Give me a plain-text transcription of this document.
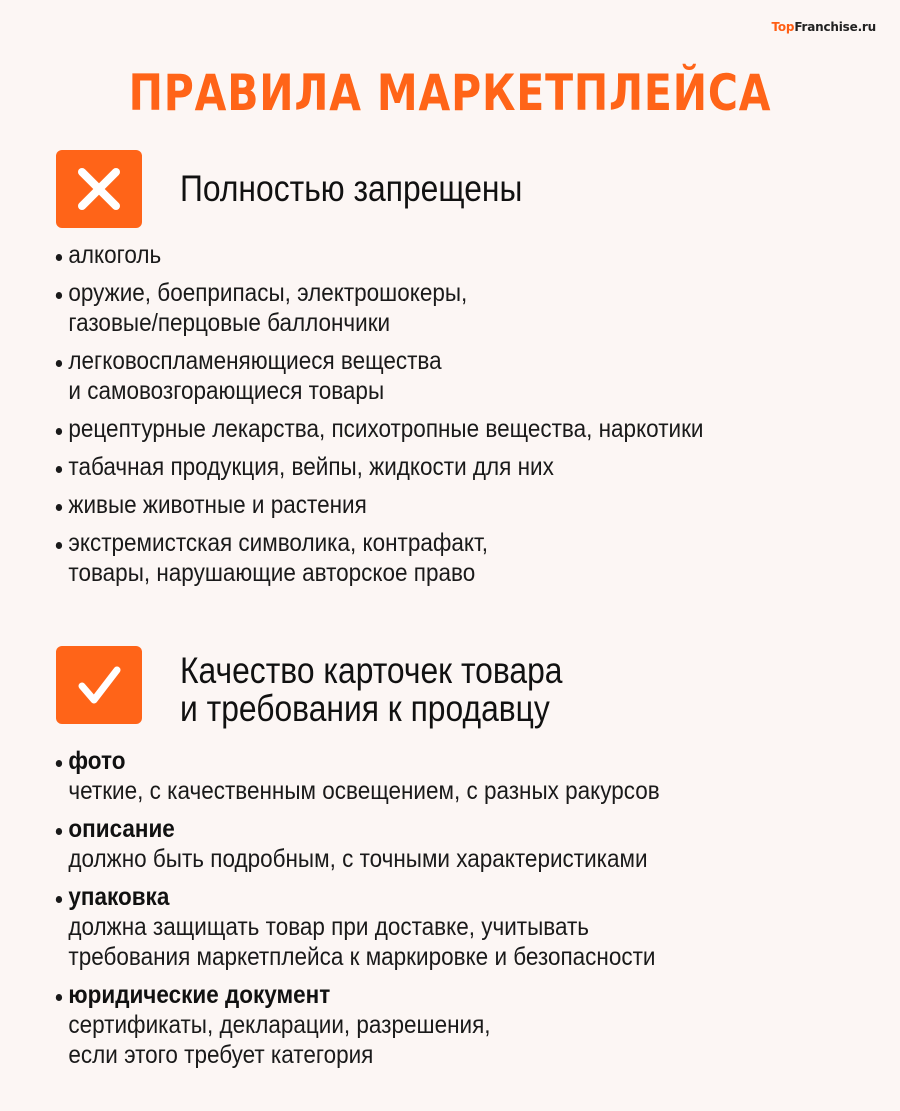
TopFranchise.ru
ПРАВИЛА МАРКЕТПЛЕЙСА
Полностью запрещены
алкоголь
оружие, боеприпасы, электрошокеры,
газовые/перцовые баллончики
легковоспламеняющиеся вещества
и самовозгорающиеся товары
рецептурные лекарства, психотропные вещества, наркотики
табачная продукция, вейпы, жидкости для них
живые животные и растения
экстремистская символика, контрафакт,
товары, нарушающие авторское право
Качество карточек товара
и требования к продавцу
фото
четкие, с качественным освещением, с разных ракурсов
описание
должно быть подробным, с точными характеристиками
упаковка
должна защищать товар при доставке, учитывать
требования маркетплейса к маркировке и безопасности
юридические документ
сертификаты, декларации, разрешения,
если этого требует категория
